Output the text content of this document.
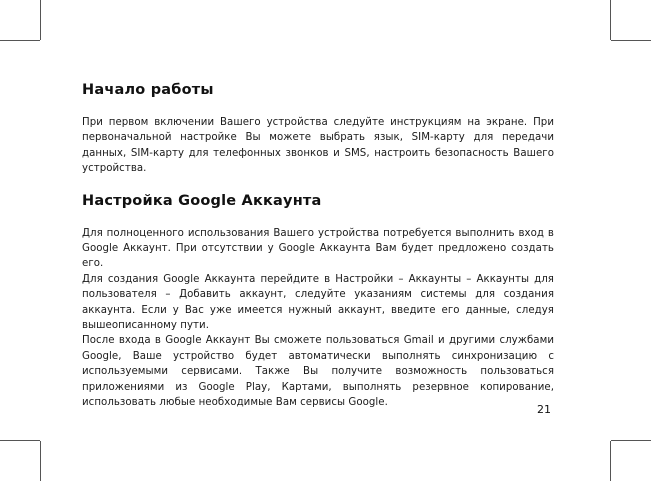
Начало работы

При первом включении Вашего устройства следуйте инструкциям на экране. При первоначальной настройке Вы можете выбрать язык, SIM-карту для передачи данных, SIM-карту для телефонных звонков и SMS, настроить безопасность Вашего устройства.

Настройка Google Аккаунта

Для полноценного использования Вашего устройства потребуется выполнить вход в Google Аккаунт. При отсутствии у Google Аккаунта Вам будет предложено создать его.

Для создания Google Аккаунта перейдите в Настройки – Аккаунты – Аккаунты для пользователя – Добавить аккаунт, следуйте указаниям системы для создания аккаунта. Если у Вас уже имеется нужный аккаунт, введите его данные, следуя вышеописанному пути.

После входа в Google Аккаунт Вы сможете пользоваться Gmail и другими службами Google, Ваше устройство будет автоматически выполнять синхронизацию с используемыми сервисами. Также Вы получите возможность пользоваться приложениями из Google Play, Картами, выполнять резервное копирование, использовать любые необходимые Вам сервисы Google.

21
